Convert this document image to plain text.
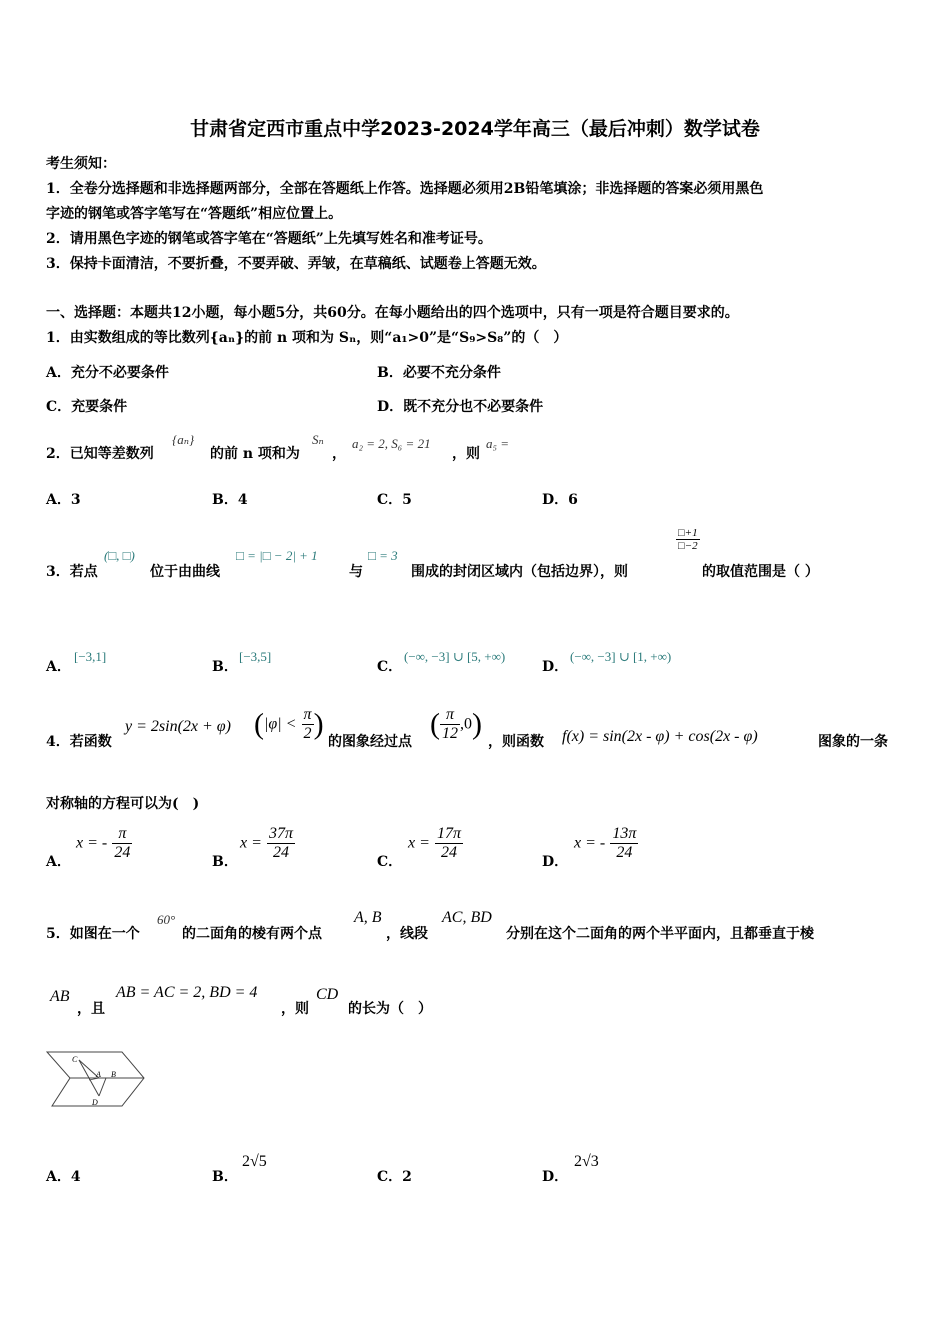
甘肃省定西市重点中学2023-2024学年高三（最后冲刺）数学试卷
考生须知：
1．全卷分选择题和非选择题两部分，全部在答题纸上作答。选择题必须用2B铅笔填涂；非选择题的答案必须用黑色
字迹的钢笔或答字笔写在“答题纸”相应位置上。
2．请用黑色字迹的钢笔或答字笔在“答题纸”上先填写姓名和准考证号。
3．保持卡面清洁，不要折叠，不要弄破、弄皱，在草稿纸、试题卷上答题无效。
一、选择题：本题共12小题，每小题5分，共60分。在每小题给出的四个选项中，只有一项是符合题目要求的。
1．由实数组成的等比数列{aₙ}的前 n 项和为 Sₙ，则“a₁>0”是“S₉>S₈”的（　）
A．充分不必要条件	B．必要不充分条件
C．充要条件	D．既不充分也不必要条件
2．已知等差数列
{aₙ}
的前 n 项和为
Sₙ
，
a₂ = 2, S₆ = 21
，则
a₅ =
A．3	B．4	C．5	D．6
3．若点
(□, □)
位于由曲线
□ = |□ − 2| + 1
与
□ = 3
围成的封闭区域内（包括边界），则
$\frac{□+1}{□-2}$
的取值范围是（ ）
A．
[−3,1]
B．
[−3,5]
C．
(−∞, −3] ∪ [5, +∞)
D．
(−∞, −3] ∪ [1, +∞)
4．若函数
y = 2sin(2x + φ) ($|\varphi| < \frac{\pi}{2}$ )
的图象经过点
( $\frac{\pi}{12} ,0$)
，则函数 f(x) = sin(2x - φ) + cos(2x - φ)	图象的一条
对称轴的方程可以为(　)
A．
x = - $\frac{\pi}{24}$	B．
$x = \frac{37\pi}{24}$	C．
$x = \frac{17\pi}{24}$	D．
x = - $\frac{13\pi}{24}$
5．如图在一个
60°
的二面角的棱有两个点
A, B
，线段
AC, BD
分别在这个二面角的两个半平面内，且都垂直于棱
AB
，且
AB = AC = 2, BD = 4
，则
CD
的长为（　）
C
A B
D
A．4	B．
2√5
C．2	D．
2√3
